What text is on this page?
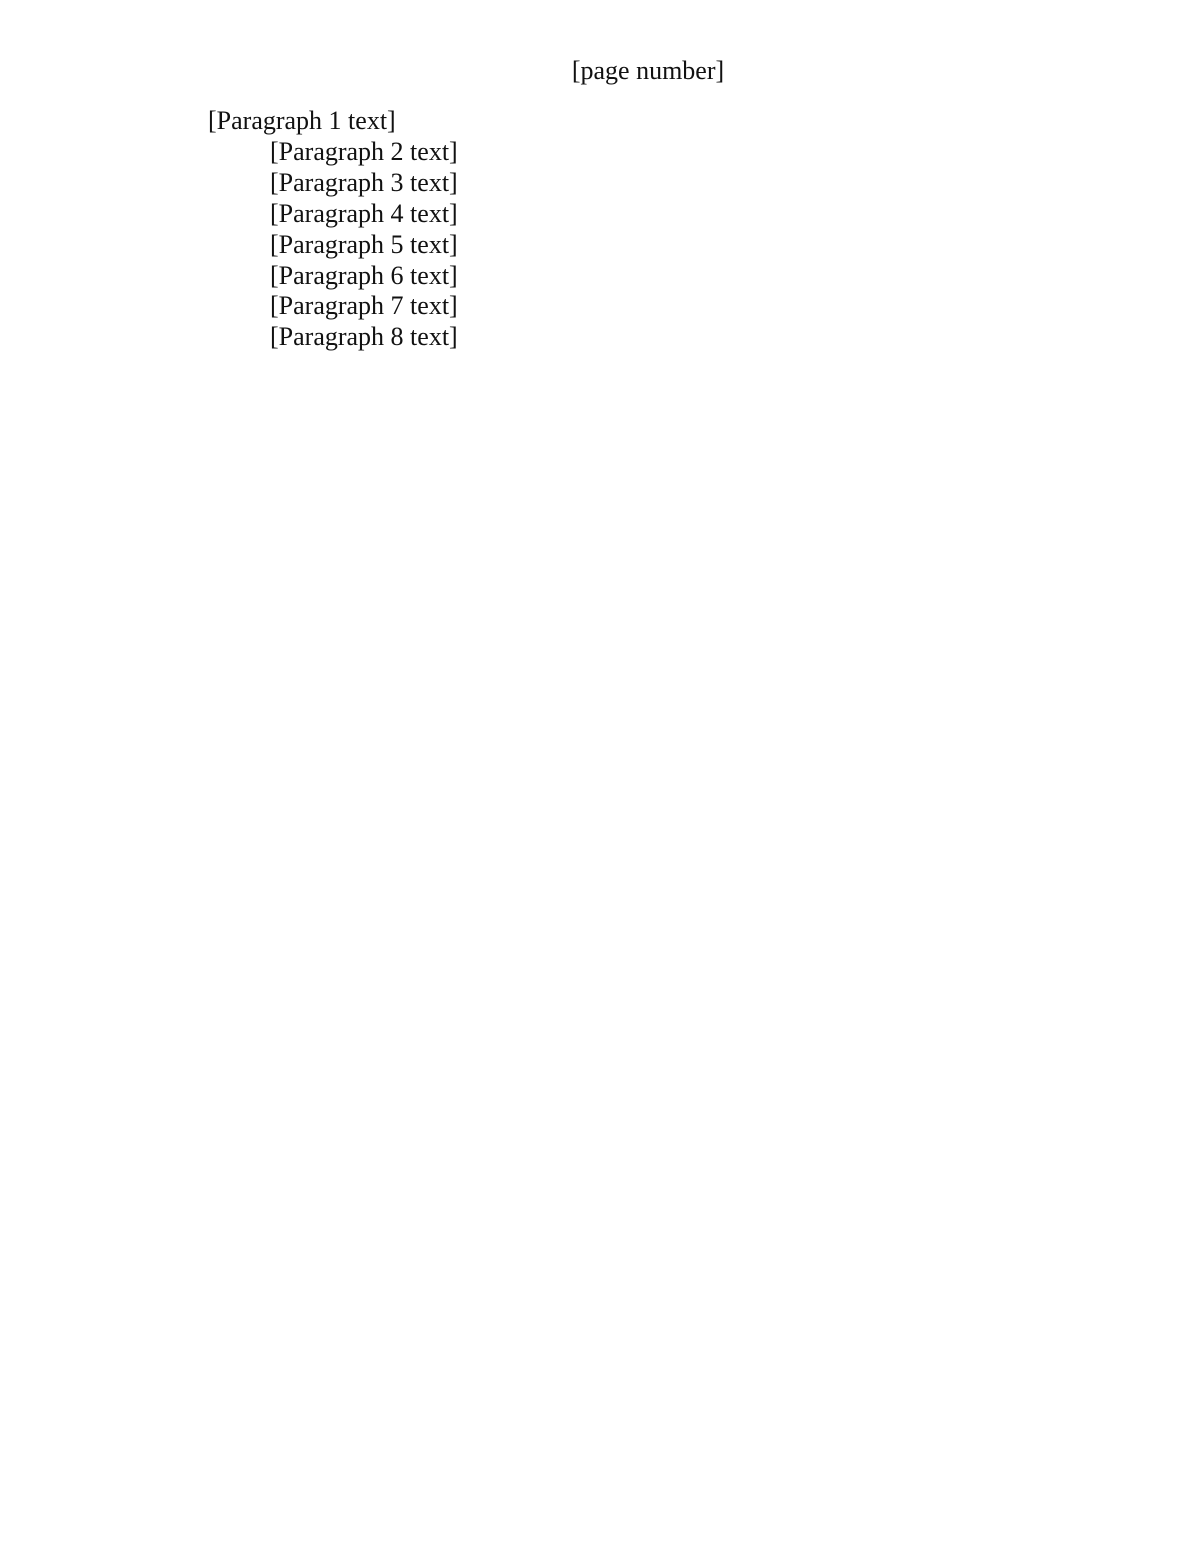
[page number]

[Paragraph 1 text]

[Paragraph 2 text]

[Paragraph 3 text]

[Paragraph 4 text]

[Paragraph 5 text]

[Paragraph 6 text]

[Paragraph 7 text]

[Paragraph 8 text]
